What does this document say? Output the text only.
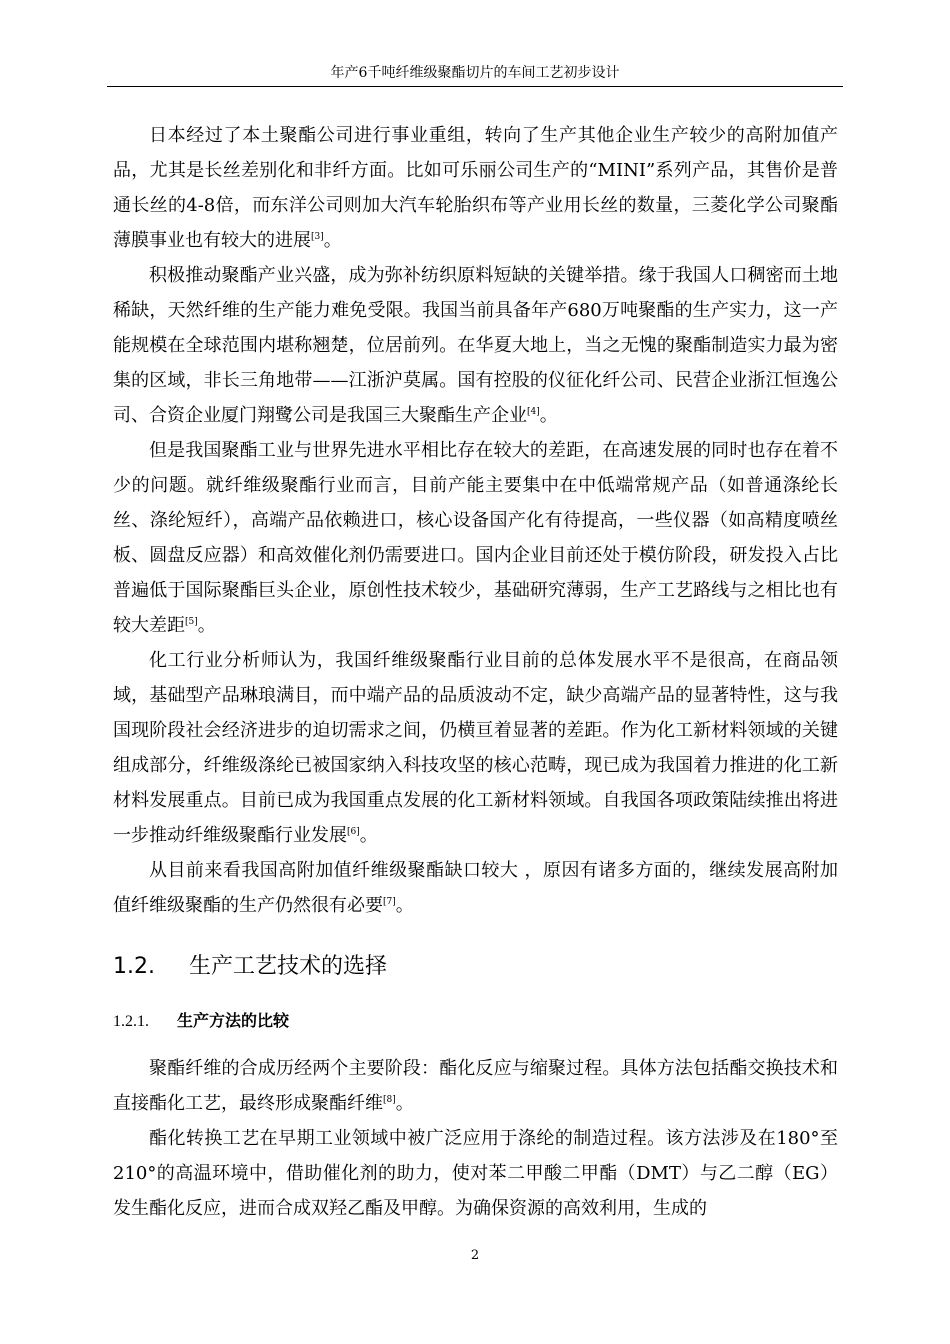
年产6千吨纤维级聚酯切片的车间工艺初步设计

日本经过了本土聚酯公司进行事业重组，转向了生产其他企业生产较少的高附加值产品，尤其是长丝差别化和非纤方面。比如可乐丽公司生产的“MINI”系列产品，其售价是普通长丝的4-8倍，而东洋公司则加大汽车轮胎织布等产业用长丝的数量，三菱化学公司聚酯薄膜事业也有较大的进展[3]。

积极推动聚酯产业兴盛，成为弥补纺织原料短缺的关键举措。缘于我国人口稠密而土地稀缺，天然纤维的生产能力难免受限。我国当前具备年产680万吨聚酯的生产实力，这一产能规模在全球范围内堪称翘楚，位居前列。在华夏大地上，当之无愧的聚酯制造实力最为密集的区域，非长三角地带——江浙沪莫属。国有控股的仪征化纤公司、民营企业浙江恒逸公司、合资企业厦门翔鹭公司是我国三大聚酯生产企业[4]。

但是我国聚酯工业与世界先进水平相比存在较大的差距，在高速发展的同时也存在着不少的问题。就纤维级聚酯行业而言，目前产能主要集中在中低端常规产品（如普通涤纶长丝、涤纶短纤），高端产品依赖进口，核心设备国产化有待提高，一些仪器（如高精度喷丝板、圆盘反应器）和高效催化剂仍需要进口。国内企业目前还处于模仿阶段，研发投入占比普遍低于国际聚酯巨头企业，原创性技术较少，基础研究薄弱，生产工艺路线与之相比也有较大差距[5]。

化工行业分析师认为，我国纤维级聚酯行业目前的总体发展水平不是很高，在商品领域，基础型产品琳琅满目，而中端产品的品质波动不定，缺少高端产品的显著特性，这与我国现阶段社会经济进步的迫切需求之间，仍横亘着显著的差距。作为化工新材料领域的关键组成部分，纤维级涤纶已被国家纳入科技攻坚的核心范畴，现已成为我国着力推进的化工新材料发展重点。目前已成为我国重点发展的化工新材料领域。自我国各项政策陆续推出将进一步推动纤维级聚酯行业发展[6]。

从目前来看我国高附加值纤维级聚酯缺口较大 ，原因有诸多方面的，继续发展高附加值纤维级聚酯的生产仍然很有必要[7]。

1.2. 生产工艺技术的选择
1.2.1. 生产方法的比较

聚酯纤维的合成历经两个主要阶段：酯化反应与缩聚过程。具体方法包括酯交换技术和直接酯化工艺，最终形成聚酯纤维[8]。

酯化转换工艺在早期工业领域中被广泛应用于涤纶的制造过程。该方法涉及在180°至210°的高温环境中，借助催化剂的助力，使对苯二甲酸二甲酯（DMT）与乙二醇（EG）发生酯化反应，进而合成双羟乙酯及甲醇。为确保资源的高效利用，生成的

2
